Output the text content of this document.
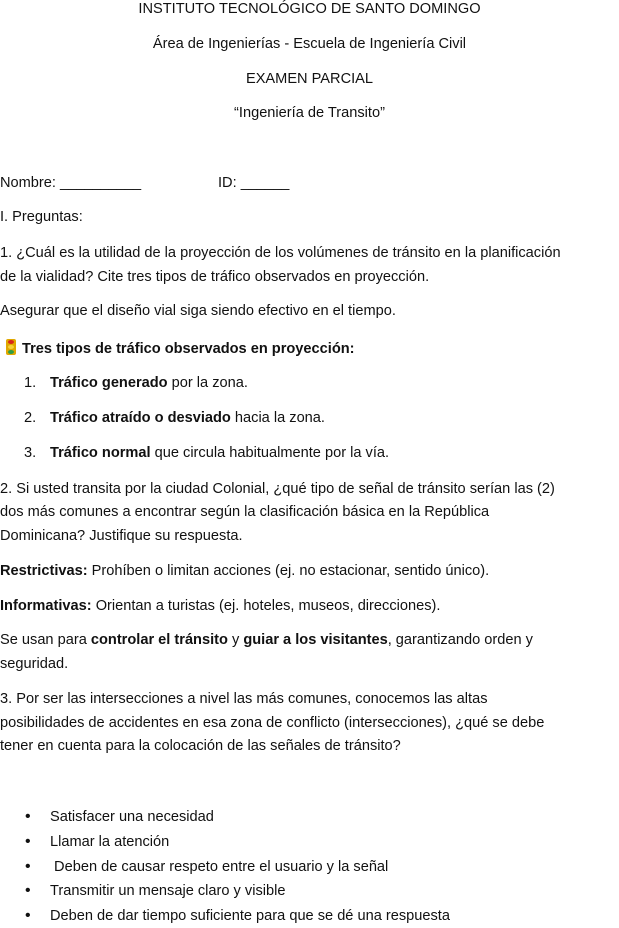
INSTITUTO TECNOLÓGICO DE SANTO DOMINGO
Área de Ingenierías - Escuela de Ingeniería Civil
EXAMEN PARCIAL
“Ingeniería de Transito”
Nombre: __________	ID: ______
I. Preguntas:
1. ¿Cuál es la utilidad de la proyección de los volúmenes de tránsito en la planificación
de la vialidad? Cite tres tipos de tráfico observados en proyección.
Asegurar que el diseño vial siga siendo efectivo en el tiempo.
Tres tipos de tráfico observados en proyección:
1. Tráfico generado por la zona.
2. Tráfico atraído o desviado hacia la zona.
3. Tráfico normal que circula habitualmente por la vía.
2. Si usted transita por la ciudad Colonial, ¿qué tipo de señal de tránsito serían las (2)
dos más comunes a encontrar según la clasificación básica en la República
Dominicana? Justifique su respuesta.
Restrictivas: Prohíben o limitan acciones (ej. no estacionar, sentido único).
Informativas: Orientan a turistas (ej. hoteles, museos, direcciones).
Se usan para controlar el tránsito y guiar a los visitantes, garantizando orden y
seguridad.
3. Por ser las intersecciones a nivel las más comunes, conocemos las altas
posibilidades de accidentes en esa zona de conflicto (intersecciones), ¿qué se debe
tener en cuenta para la colocación de las señales de tránsito?
• Satisfacer una necesidad
• Llamar la atención
• Deben de causar respeto entre el usuario y la señal
• Transmitir un mensaje claro y visible
• Deben de dar tiempo suficiente para que se dé una respuesta
